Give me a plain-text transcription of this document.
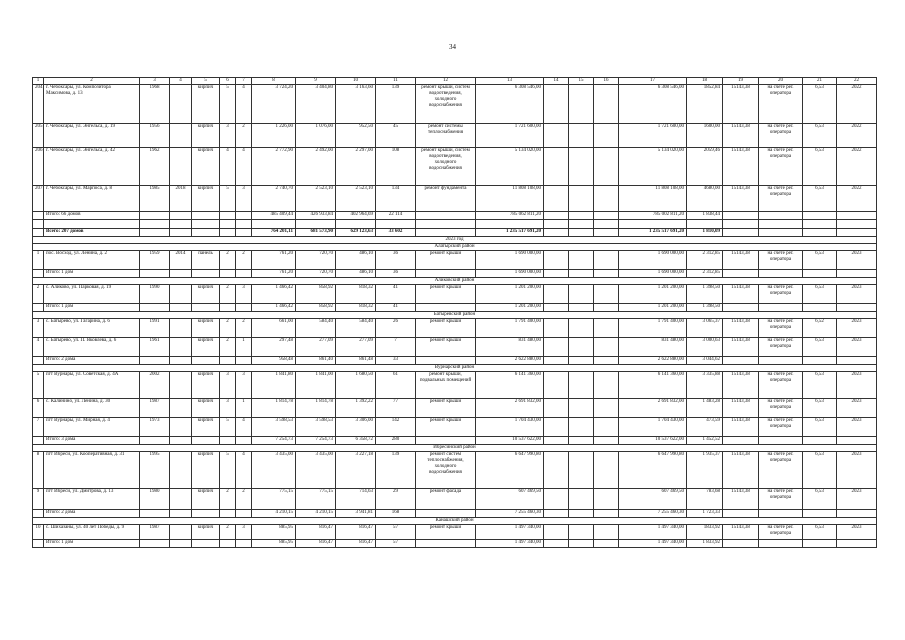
34
1	2	3	4	5	6	7	8	9	10	11	12	13	14	15	16	17	18	19	20	21	22
204	г. Чебоксары, ул. Композитора Максимова, д. 13	1968		кирпич	5	4	3 724,20	3 404,80	3 163,60	139	ремонт крыши, систем водоотведения, холодного водоснабжения	6 308 546,00				6 308 546,00	1852,84	15143,38	на счете рег. оператора	6,53	2022
205	г. Чебоксары, ул. Энгельса, д. 19	1956		кирпич	3	2	1 226,00	1 076,00	952,50	45	ремонт системы теплоснабжения	1 721 600,00				1 721 600,00	1600,00	15143,38	на счете рег. оператора	6,53	2022
206	г. Чебоксары, ул. Энгельса, д. 42	1962		кирпич	4	4	2 772,90	2 492,00	2 297,00	108	ремонт крыши, систем водоотведения, холодного водоснабжения	5 134 020,00				5 134 020,00	2059,46	15143,38	на счете рег. оператора	6,53	2022
207	г. Чебоксары, ул. Марпоса, д. 8	1985	2018	кирпич	5	3	2 740,70	2 523,10	2 523,10	134	ремонт фундамента	11 808 108,00				11 808 108,00	4680,00	15143,38	на счете рег. оператора	6,53	2022
	Итого: 66 домов						485 409,44	426 933,84	402 964,69	22 114		785 062 811,20				785 002 811,20	1 838,44				

	Всего: 207 домов						764 201,11	681 573,90	629 123,63	33 602		1 235 517 691,20				1 235 517 691,20	1 810,09				
2023 год																					
Алатырский район																					
1	пос. Восход, ул. Ленина, д. 2	1959	2014	панель	2	2	761,20	720,70	486,10	36	ремонт крыши	1 690 000,00				1 690 000,00	2 312,85	15143,38	на счете рег. оператора	6,53	2023
	Итого: 1 дом						761,20	720,70	486,10	36		1 690 000,00				1 690 000,00	2 312,85				
Аликовский район																					
2	с. Аликово, ул. Парковая, д. 19	1990		кирпич	2	3	1 466,42	858,92	818,32	41	ремонт крыши	1 201 200,00				1 201 200,00	1 398,50	15143,38	на счете рег. оператора	6,53	2023
	Итого: 1 дом						1 466,42	858,92	818,32	41		1 201 200,00				1 201 200,00	1 398,50				
Батыревский район																					
3	с. Батырево, ул. Гагарина, д. 6	1991		кирпич	2	2	661,00	584,40	584,40	26	ремонт крыши	1 791 400,00				1 791 400,00	3 065,37	15143,38	на счете рег. оператора	6,52	2023
4	с. Батырево, ул. П. Яковлева, д. 6	1961		кирпич	2	1	297,48	277,09	277,09	7	ремонт крыши	831 480,00				831 480,00	3 000,63	15143,38	на счете рег. оператора	6,53	2023
	Итого: 2 дома						958,48	861,40	861,48	33		2 622 880,00				2 622 880,00	3 044,62				
Вурнарский район																					
5	пгт Вурнары, ул. Советская, д. 4А	2002		кирпич	3	3	1 841,80	1 841,00	1 680,50	61	ремонт крыши, подвальных помещений	6 141 360,00				6 141 360,00	3 335,88	15143,38	на счете рег. оператора	6,53	2023
6	с. Калинино, ул. Ленина, д. 30	1987		кирпич	3	1	1 814,78	1 814,78	1 392,22	77	ремонт крыши	2 691 832,00				2 691 832,00	1 483,28	15143,38	на счете рег. оператора	6,53	2023
7	пгт Вурнары, ул. Мирная, д. 4	1973		кирпич	5	4	3 598,53	3 598,53	3 306,00	142	ремонт крыши	1 704 430,00				1 704 430,00	473,59	15143,38	на счете рег. оператора	6,53	2023
	Итого: 3 дома						7 254,73	7 254,73	6 358,72	280		10 537 622,00				10 537 622,00	1 452,52				
Ибресинский район																					
8	пгт Ибреси, ул. Кооперативная, д. 31	1995		кирпич	5	4	3 435,00	3 435,00	3 227,18	139	ремонт систем теплоснабжения, холодного водоснабжения	6 647 990,80				6 647 990,80	1 935,37	15143,38	на счете рег. оператора	6,53	2023
9	пгт Ибреси, ул. Дмитрова, д. 13	1980		кирпич	2	2	775,15	775,15	714,63	29	ремонт фасада	607 469,50				607 469,50	783,68	15143,38	на счете рег. оператора	6,53	2023
	Итого: 2 дома						4 210,15	4 210,15	3 941,81	168		7 255 460,30				7 255 460,30	1 723,33				
Канашский район																					
10	с. Шихазаны, ул. 40 лет Победы, д. 9	1987		кирпич	2	3	885,95	816,47	816,47	57	ремонт крыши	1 497 340,00				1 497 340,00	1833,92	15143,38	на счете рег. оператора	6,53	2023
	Итого: 1 дом						885,95	816,47	816,47	57		1 497 340,00				1 497 340,00	1 833,92				
